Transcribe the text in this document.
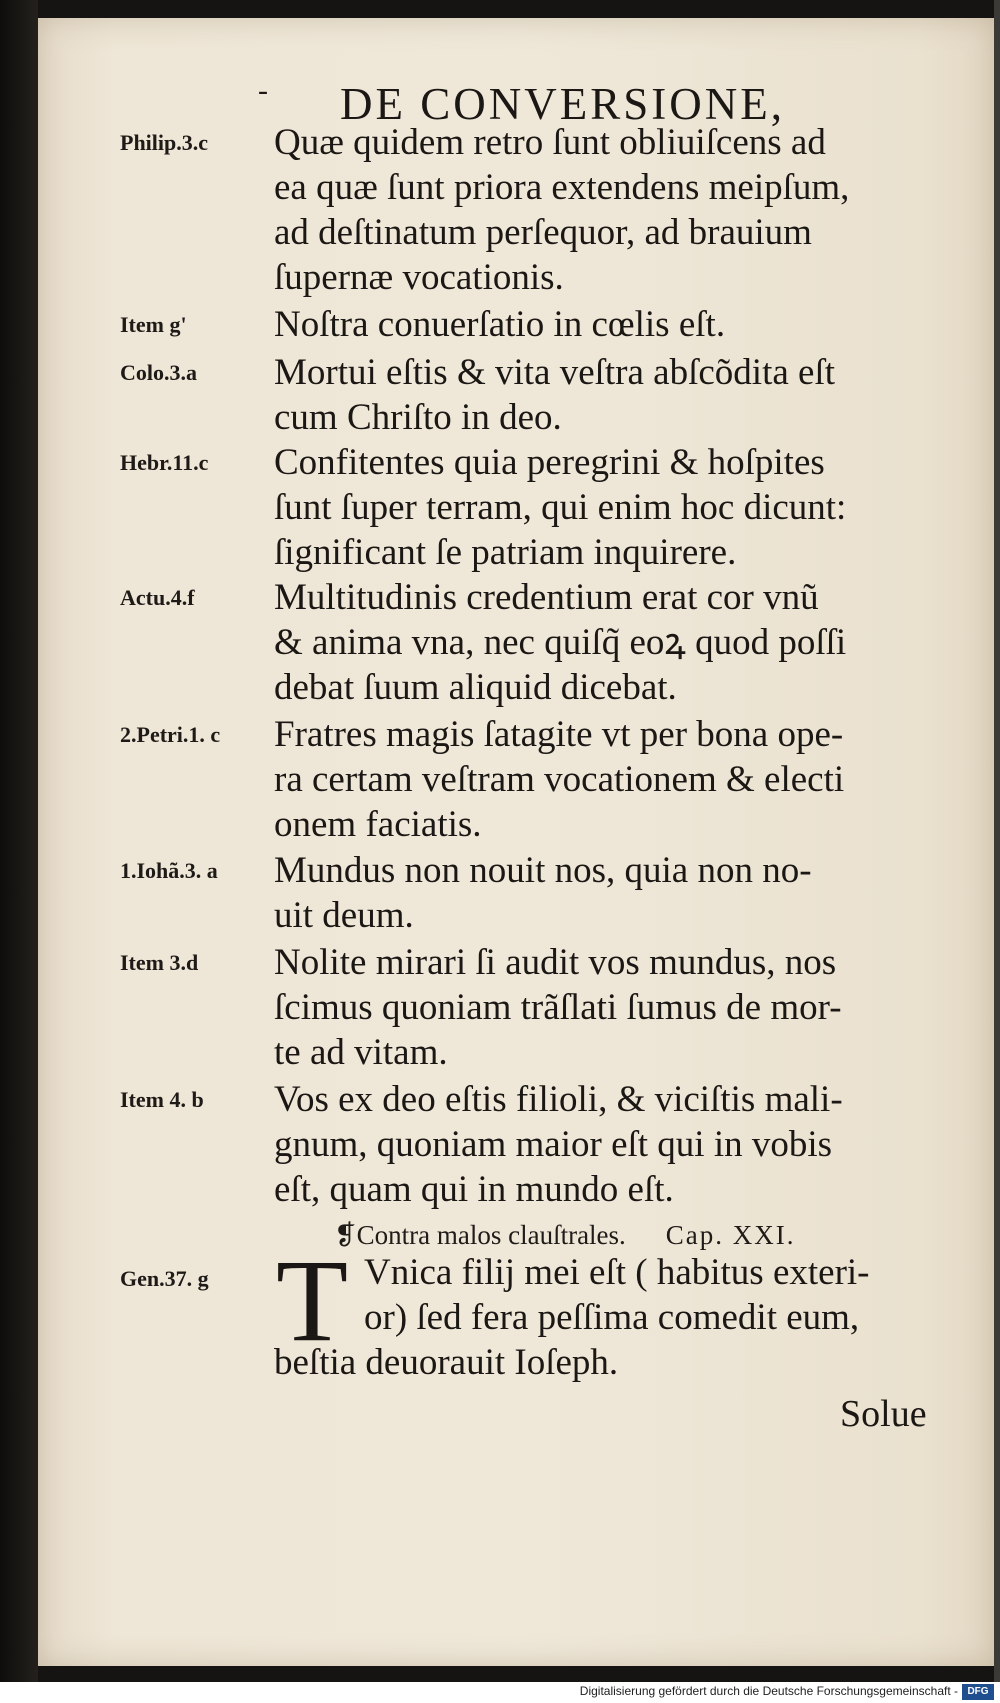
- DE CONVERSIONE,
Philip.3.c Quæ quidem retro ſunt obliuiſcens ad
ea quæ ſunt priora extendens meipſum,
ad deſtinatum perſequor, ad brauium
ſupernæ vocationis.
Item g' Noſtra conuerſatio in cœlis eſt.
Colo.3.a Mortui eſtis & vita veſtra abſcõdita eſt
cum Chriſto in deo.
Hebr.11.c Confitentes quia peregrini & hoſpites
ſunt ſuper terram, qui enim hoc dicunt:
ſignificant ſe patriam inquirere.
Actu.4.f Multitudinis credentium erat cor vnũ
& anima vna, nec quiſq̃ eoꝝ quod poſſi
debat ſuum aliquid dicebat.
2.Petri.1. c Fratres magis ſatagite vt per bona ope-
ra certam veſtram vocationem & electi
onem faciatis.
1.Iohã.3. a Mundus non nouit nos, quia non no-
uit deum.
Item 3.d Nolite mirari ſi audit vos mundus, nos
ſcimus quoniam trãſlati ſumus de mor-
te ad vitam.
Item 4. b Vos ex deo eſtis filioli, & viciſtis mali-
gnum, quoniam maior eſt qui in vobis
eſt, quam qui in mundo eſt.
❡Contra malos clauſtrales. Cap. XXI.
Gen.37. g T Vnica filij mei eſt ( habitus exteri-
or) ſed fera peſſima comedit eum,
beſtia deuorauit Ioſeph.
Solue
Digitalisierung gefördert durch die Deutsche Forschungsgemeinschaft - DFG
